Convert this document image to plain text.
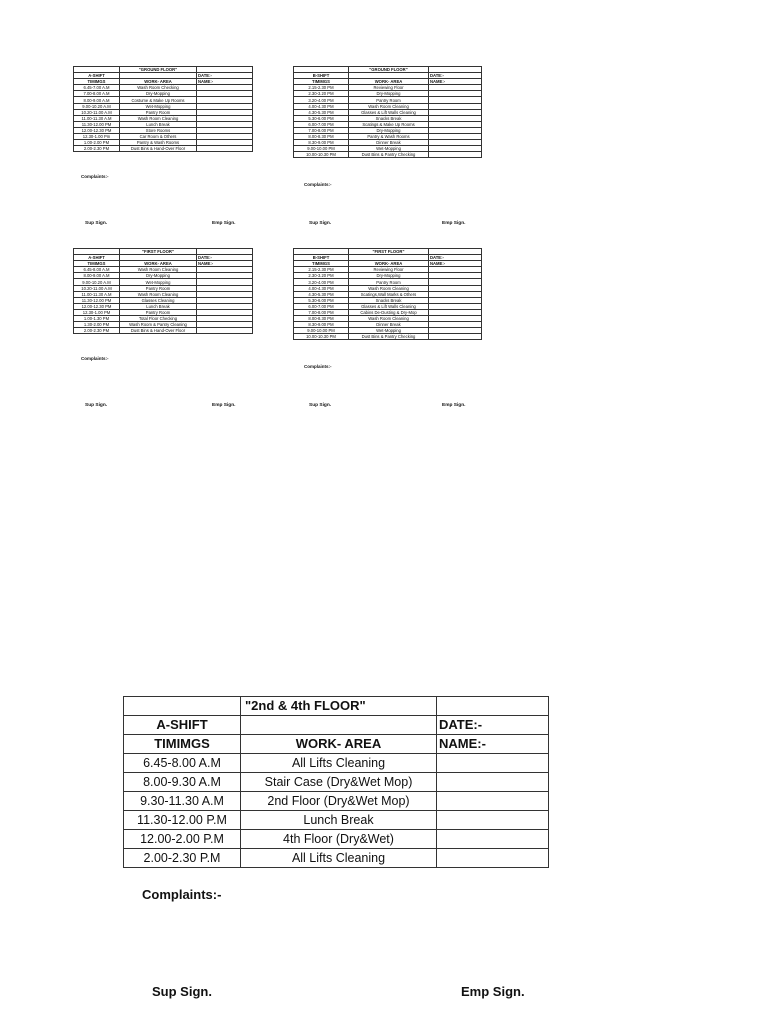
	"GROUND FLOOR"	
A-SHIFT		DATE:-
TIMIMGS	WORK- AREA	NAME:-
6.45-7.00 A.M	Wash Room Checking	
7.00-8.00 A.M	Dry-Mopping	
8.00-9.00 A.M	Costume & Make Up Rooms	
9.00-10.20 A.M	Wet-Mopping	
10.20-11.00 A.M	Pantry Room	
11.00-11.30 A.M	Wash Room Cleaning	
11.30-12.00 PM	Lunch Break	
12.00-12.30 PM	Store Rooms	
12.30-1.00 Pm	Car Room & Others	
1.00-2.00 PM	Pantry & Wash Rooms	
2.00-2.30 PM	Dust Bins & Hand-Over Floor	
Complaints:-
	"GROUND FLOOR"	
B-SHIFT		DATE:-
TIMIMGS	WORK- AREA	NAME:-
2.15-2.30 PM	Reviewing Floor	
2.30-3.20 PM	Dry-Mopping	
3.20-4.00 PM	Pantry Room	
4.00-4.30 PM	Wash Room Cleaning	
4.30-5.30 PM	Glasses & Lift Walls Cleaning	
5.30-6.00 PM	Snacks Break	
6.00-7.00 PM	Scatings & Make Up Rooms	
7.00-8.00 PM	Dry-Mopping	
8.00-8.30 PM	Pantry & Wash Rooms	
8.30-9.00 PM	Dinner Break	
9.00-10.00 PM	Wet-Mopping	
10.00-10.30 PM	Dust Bins & Pantry Checking	
Complaints:-
Sup Sign.	Emp Sign.	Sup Sign.	Emp Sign.
	"FIRST FLOOR"	
A-SHIFT		DATE:-
TIMIMGS	WORK- AREA	NAME:-
6.45-8.00 A.M	Wash Room Cleaning	
8.00-9.00 A.M	Dry-Mopping	
9.00-10.20 A.M	Wet-Mopping	
10.20-11.00 A.M	Pantry Room	
11.00-11.30 A.M	Wash Room Cleaning	
11.30-12.00 PM	Glasses Cleaning	
12.00-12.30 PM	Lunch Break	
12.30-1.00 PM	Pantry Room	
1.00-1.30 PM	Total Floor Checking	
1.30-2.00 PM	Wash Room & Pantry Cleaning	
2.00-2.30 PM	Dust Bins & Hand-Over Floor	
Complaints:-
	"FIRST FLOOR"	
B-SHIFT		DATE:-
TIMIMGS	WORK- AREA	NAME:-
2.15-2.30 PM	Reviewing Floor	
2.30-3.20 PM	Dry-Mopping	
3.20-4.00 PM	Pantry Room	
4.00-4.30 PM	Wash Room Cleaning	
4.30-5.30 PM	Scatings,Wall Marks & Others	
5.30-6.00 PM	Snacks Break	
6.00-7.00 PM	Glasses & Lift Walls Cleaning	
7.00-8.00 PM	Cabins De-Dusting & Dry-Mop	
8.00-8.30 PM	Wash Room Cleaning	
8.30-9.00 PM	Dinner Break	
9.00-10.00 PM	Wet-Mopping	
10.00-10.30 PM	Dust Bins & Pantry Checking	
Complaints:-
Sup Sign.	Emp Sign.	Sup Sign.	Emp Sign.
	"2nd & 4th FLOOR"	
A-SHIFT		DATE:-
TIMIMGS	WORK- AREA	NAME:-
6.45-8.00 A.M	All Lifts Cleaning	
8.00-9.30 A.M	Stair Case (Dry&Wet Mop)	
9.30-11.30 A.M	2nd Floor (Dry&Wet Mop)	
11.30-12.00 P.M	Lunch Break	
12.00-2.00 P.M	4th Floor (Dry&Wet)	
2.00-2.30 P.M	All Lifts Cleaning	
Complaints:-
Sup Sign.	Emp Sign.
